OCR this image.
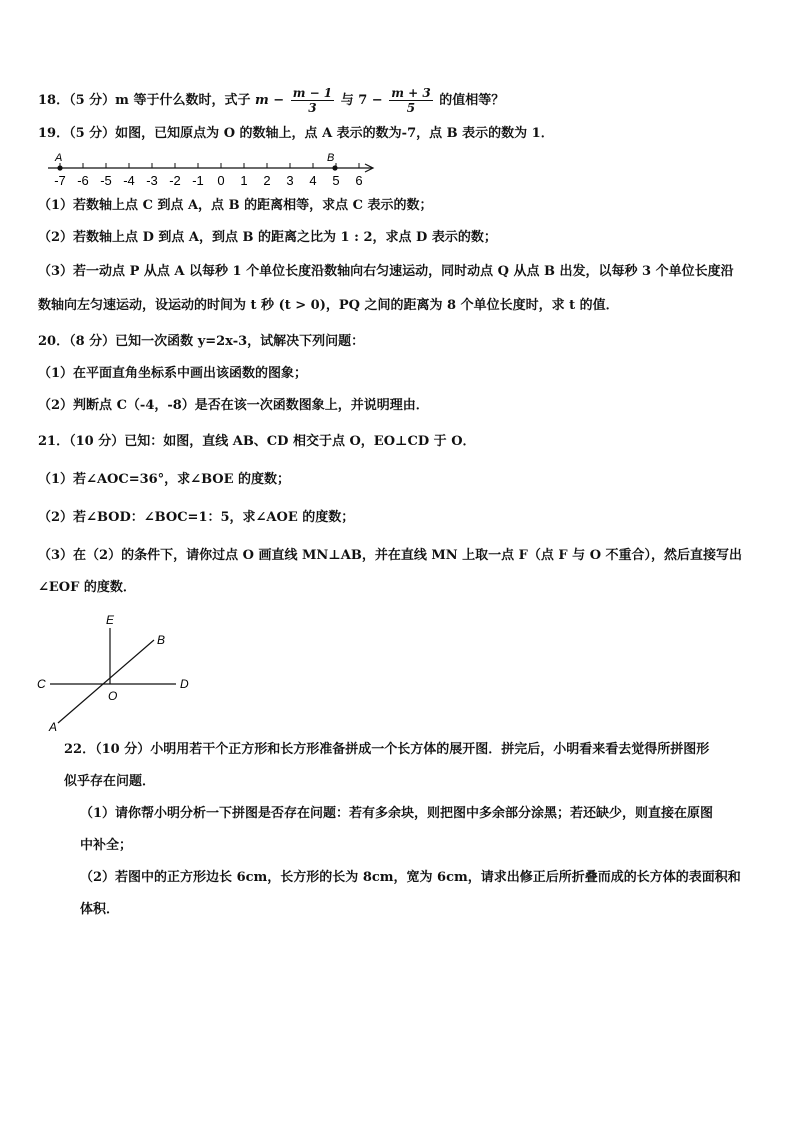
18．（5 分）m 等于什么数时，式子 $m - \frac{m - 1}{3}$ 与 $7 - \frac{m + 3}{5}$ 的值相等？
19．（5 分）如图，已知原点为 O 的数轴上，点 A 表示的数为-7，点 B 表示的数为 1．
-7 -6 -5 -4 -3 -2 -1 0 1 2 3 4 5 6
A	B
（1）若数轴上点 C 到点 A，点 B 的距离相等，求点 C 表示的数；
（2）若数轴上点 D 到点 A，到点 B 的距离之比为 1 : 2，求点 D 表示的数；
（3）若一动点 P 从点 A 以每秒 1 个单位长度沿数轴向右匀速运动，同时动点 Q 从点 B 出发，以每秒 3 个单位长度沿
数轴向左匀速运动，设运动的时间为 t 秒 (t > 0)，PQ 之间的距离为 8 个单位长度时，求 t 的值．
20．（8 分）已知一次函数 y=2x-3，试解决下列问题：
（1）在平面直角坐标系中画出该函数的图象；
（2）判断点 C（-4，-8）是否在该一次函数图象上，并说明理由．
21．（10 分）已知：如图，直线 AB、CD 相交于点 O，EO⊥CD 于 O．
（1）若∠AOC=36°，求∠BOE 的度数；
（2）若∠BOD：∠BOC=1：5，求∠AOE 的度数；
（3）在（2）的条件下，请你过点 O 画直线 MN⊥AB，并在直线 MN 上取一点 F（点 F 与 O 不重合），然后直接写出
∠EOF 的度数．
E
B
C
O
D
A
22．（10 分）小明用若干个正方形和长方形准备拼成一个长方体的展开图．拼完后，小明看来看去觉得所拼图形
似乎存在问题．
（1）请你帮小明分析一下拼图是否存在问题：若有多余块，则把图中多余部分涂黑；若还缺少，则直接在原图
中补全；
（2）若图中的正方形边长 6cm，长方形的长为 8cm，宽为 6cm，请求出修正后所折叠而成的长方体的表面积和
体积．
